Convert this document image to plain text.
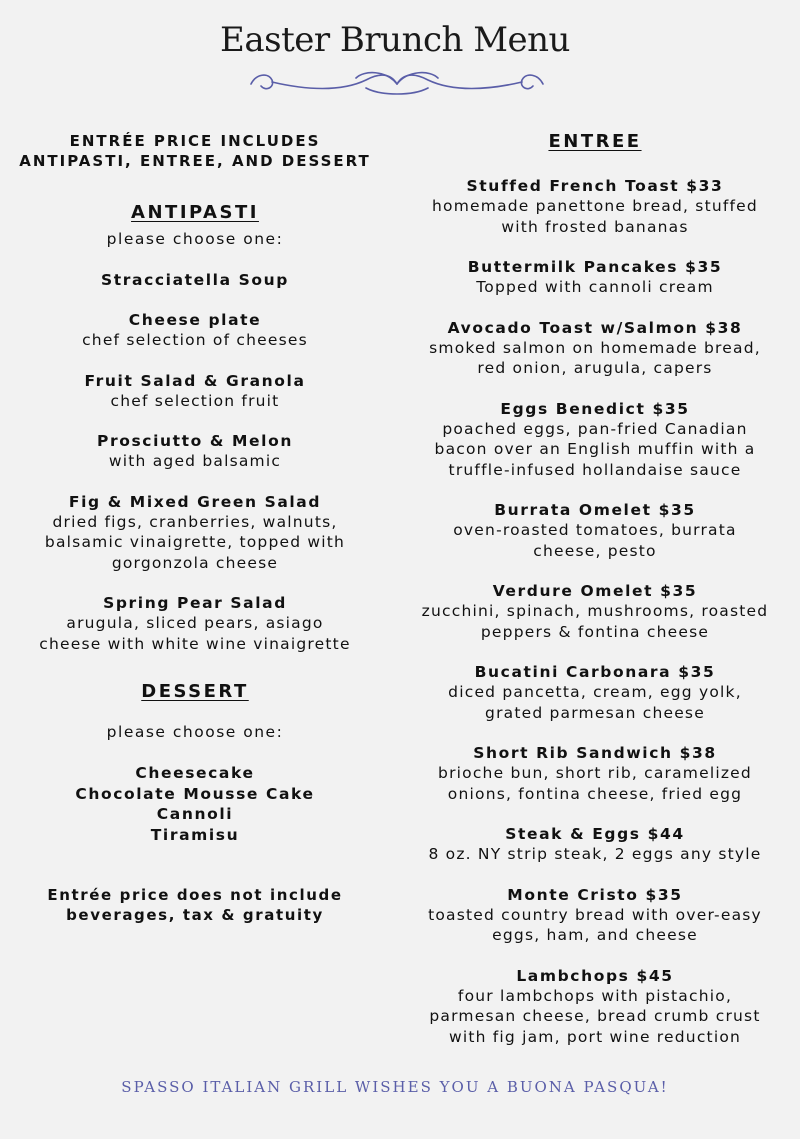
Easter Brunch Menu
ENTRÉE PRICE INCLUDES
ANTIPASTI, ENTREE, AND DESSERT
ANTIPASTI
please choose one:
Stracciatella Soup
Cheese plate
chef selection of cheeses
Fruit Salad & Granola
chef selection fruit
Prosciutto & Melon
with aged balsamic
Fig & Mixed Green Salad
dried figs, cranberries, walnuts,
balsamic vinaigrette, topped with
gorgonzola cheese
Spring Pear Salad
arugula, sliced pears, asiago
cheese with white wine vinaigrette
DESSERT
please choose one:
Cheesecake
Chocolate Mousse Cake
Cannoli
Tiramisu
Entrée price does not include
beverages, tax & gratuity
ENTREE
Stuffed French Toast $33
homemade panettone bread, stuffed
with frosted bananas
Buttermilk Pancakes $35
Topped with cannoli cream
Avocado Toast w/Salmon $38
smoked salmon on homemade bread,
red onion, arugula, capers
Eggs Benedict $35
poached eggs, pan-fried Canadian
bacon over an English muffin with a
truffle-infused hollandaise sauce
Burrata Omelet $35
oven-roasted tomatoes, burrata
cheese, pesto
Verdure Omelet $35
zucchini, spinach, mushrooms, roasted
peppers & fontina cheese
Bucatini Carbonara $35
diced pancetta, cream, egg yolk,
grated parmesan cheese
Short Rib Sandwich $38
brioche bun, short rib, caramelized
onions, fontina cheese, fried egg
Steak & Eggs $44
8 oz. NY strip steak, 2 eggs any style
Monte Cristo $35
toasted country bread with over-easy
eggs, ham, and cheese
Lambchops $45
four lambchops with pistachio,
parmesan cheese, bread crumb crust
with fig jam, port wine reduction
SPASSO ITALIAN GRILL WISHES YOU A BUONA PASQUA!
